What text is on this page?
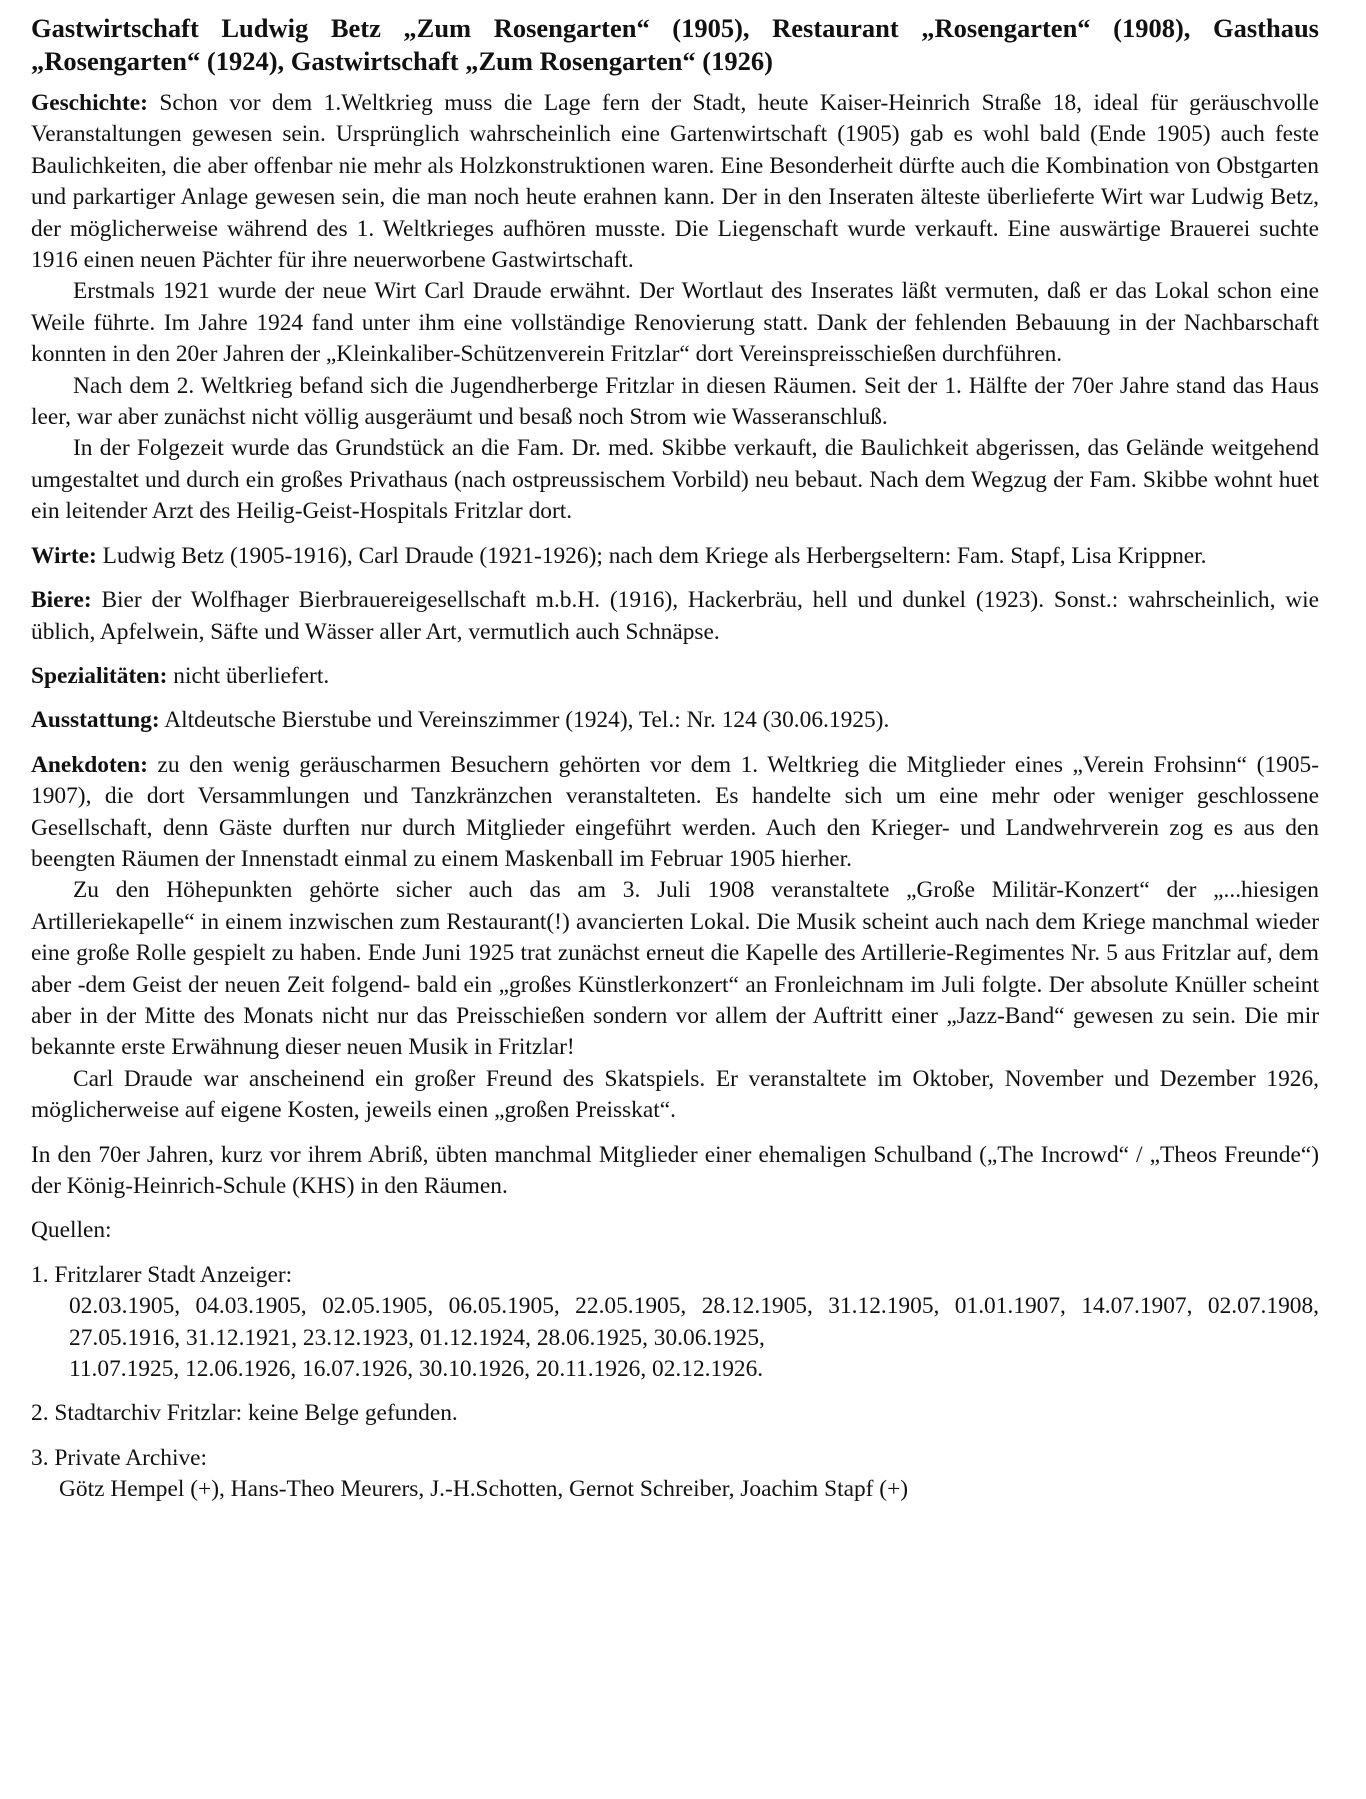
Gastwirtschaft Ludwig Betz „Zum Rosengarten“ (1905), Restaurant „Rosengarten“ (1908), Gasthaus „Rosengarten“ (1924), Gastwirtschaft „Zum Rosengarten“ (1926)

Geschichte: Schon vor dem 1.Weltkrieg muss die Lage fern der Stadt, heute Kaiser-Heinrich Straße 18, ideal für geräuschvolle Veranstaltungen gewesen sein. Ursprünglich wahrscheinlich eine Gartenwirtschaft (1905) gab es wohl bald (Ende 1905) auch feste Baulichkeiten, die aber offenbar nie mehr als Holzkonstruktionen waren. Eine Besonderheit dürfte auch die Kombination von Obstgarten und parkartiger Anlage gewesen sein, die man noch heute erahnen kann. Der in den Inseraten älteste überlieferte Wirt war Ludwig Betz, der möglicherweise während des 1. Weltkrieges aufhören musste. Die Liegenschaft wurde verkauft. Eine auswärtige Brauerei suchte 1916 einen neuen Pächter für ihre neuerworbene Gastwirtschaft.

Erstmals 1921 wurde der neue Wirt Carl Draude erwähnt. Der Wortlaut des Inserates läßt vermuten, daß er das Lokal schon eine Weile führte. Im Jahre 1924 fand unter ihm eine vollständige Renovierung statt. Dank der fehlenden Bebauung in der Nachbarschaft konnten in den 20er Jahren der „Kleinkaliber-Schützenverein Fritzlar“ dort Vereinspreisschießen durchführen.

Nach dem 2. Weltkrieg befand sich die Jugendherberge Fritzlar in diesen Räumen. Seit der 1. Hälfte der 70er Jahre stand das Haus leer, war aber zunächst nicht völlig ausgeräumt und besaß noch Strom wie Wasseranschluß.

In der Folgezeit wurde das Grundstück an die Fam. Dr. med. Skibbe verkauft, die Baulichkeit abgerissen, das Gelände weitgehend umgestaltet und durch ein großes Privathaus (nach ostpreussischem Vorbild) neu bebaut. Nach dem Wegzug der Fam. Skibbe wohnt huet ein leitender Arzt des Heilig-Geist-Hospitals Fritzlar dort.

Wirte: Ludwig Betz (1905-1916), Carl Draude (1921-1926); nach dem Kriege als Herbergseltern: Fam. Stapf, Lisa Krippner.

Biere: Bier der Wolfhager Bierbrauereigesellschaft m.b.H. (1916), Hackerbräu, hell und dunkel (1923). Sonst.: wahrscheinlich, wie üblich, Apfelwein, Säfte und Wässer aller Art, vermutlich auch Schnäpse.

Spezialitäten: nicht überliefert.

Ausstattung: Altdeutsche Bierstube und Vereinszimmer (1924), Tel.: Nr. 124 (30.06.1925).

Anekdoten: zu den wenig geräuscharmen Besuchern gehörten vor dem 1. Weltkrieg die Mitglieder eines „Verein Frohsinn“ (1905-1907), die dort Versammlungen und Tanzkränzchen veranstalteten. Es handelte sich um eine mehr oder weniger geschlossene Gesellschaft, denn Gäste durften nur durch Mitglieder eingeführt werden. Auch den Krieger- und Landwehrverein zog es aus den beengten Räumen der Innenstadt einmal zu einem Maskenball im Februar 1905 hierher.

Zu den Höhepunkten gehörte sicher auch das am 3. Juli 1908 veranstaltete „Große Militär-Konzert“ der „...hiesigen Artilleriekapelle“ in einem inzwischen zum Restaurant(!) avancierten Lokal. Die Musik scheint auch nach dem Kriege manchmal wieder eine große Rolle gespielt zu haben. Ende Juni 1925 trat zunächst erneut die Kapelle des Artillerie-Regimentes Nr. 5 aus Fritzlar auf, dem aber -dem Geist der neuen Zeit folgend- bald ein „großes Künstlerkonzert“ an Fronleichnam im Juli folgte. Der absolute Knüller scheint aber in der Mitte des Monats nicht nur das Preisschießen sondern vor allem der Auftritt einer „Jazz-Band“ gewesen zu sein. Die mir bekannte erste Erwähnung dieser neuen Musik in Fritzlar!

Carl Draude war anscheinend ein großer Freund des Skatspiels. Er veranstaltete im Oktober, November und Dezember 1926, möglicherweise auf eigene Kosten, jeweils einen „großen Preisskat“.

In den 70er Jahren, kurz vor ihrem Abriß, übten manchmal Mitglieder einer ehemaligen Schulband („The Incrowd“ / „Theos Freunde“) der König-Heinrich-Schule (KHS) in den Räumen.

Quellen:
1. Fritzlarer Stadt Anzeiger:
02.03.1905, 04.03.1905, 02.05.1905, 06.05.1905, 22.05.1905, 28.12.1905, 31.12.1905, 01.01.1907, 14.07.1907, 02.07.1908, 27.05.1916, 31.12.1921, 23.12.1923, 01.12.1924, 28.06.1925, 30.06.1925,
11.07.1925, 12.06.1926, 16.07.1926, 30.10.1926, 20.11.1926, 02.12.1926.
2. Stadtarchiv Fritzlar: keine Belge gefunden.
3. Private Archive:
Götz Hempel (+), Hans-Theo Meurers, J.-H.Schotten, Gernot Schreiber, Joachim Stapf (+)
